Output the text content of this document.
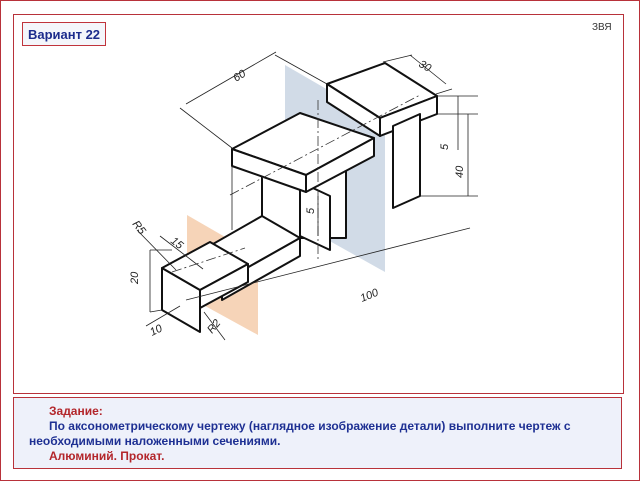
Вариант 22	ЗВЯ
60
30
5
40
5
100
20
15
10
R5
R2
Задание:
По аксонометрическому чертежу (наглядное изображение детали) выполните чертеж с
необходимыми наложенными сечениями.
Алюминий. Прокат.
